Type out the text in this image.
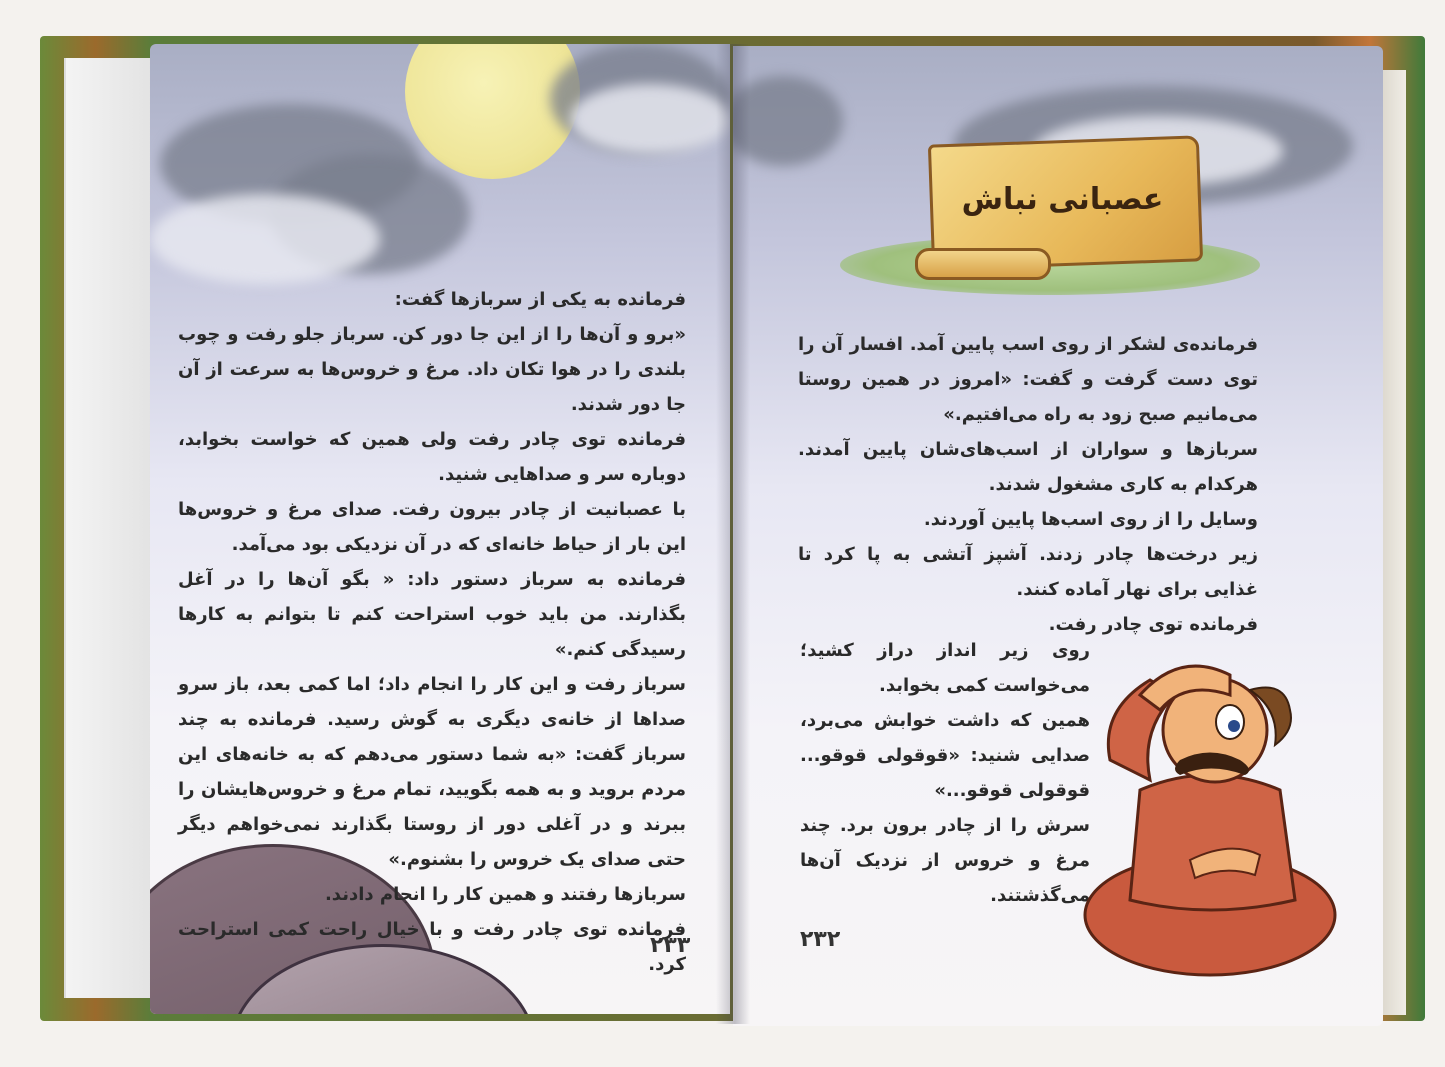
عصبانی نباش

فرمانده به یکی از سربازها گفت:

«برو و آن‌ها را از این جا دور کن. سرباز جلو رفت و چوب بلندی را در هوا تکان داد. مرغ و خروس‌ها به سرعت از آن جا دور شدند.

فرمانده توی چادر رفت ولی همین که خواست بخوابد، دوباره سر و صداهایی شنید.

با عصبانیت از چادر بیرون رفت. صدای مرغ و خروس‌ها این بار از حیاط خانه‌ای که در آن نزدیکی بود می‌آمد.

فرمانده به سرباز دستور داد: « بگو آن‌ها را در آغل بگذارند. من باید خوب استراحت کنم تا بتوانم به کارها رسیدگی کنم.»

سرباز رفت و این کار را انجام داد؛ اما کمی بعد، باز سرو صداها از خانه‌ی دیگری به گوش رسید. فرمانده به چند سرباز گفت: «به شما دستور می‌دهم که به خانه‌های این مردم بروید و به همه بگویید، تمام مرغ و خروس‌هایشان را ببرند و در آغلی دور از روستا بگذارند نمی‌خواهم دیگر حتی صدای یک خروس را بشنوم.»

سربازها رفتند و همین کار را انجام دادند.

فرمانده توی چادر رفت و با خیال راحت کمی استراحت کرد.

۲۳۳

فرمانده‌ی لشکر از روی اسب پایین آمد. افسار آن را توی دست گرفت و گفت: «امروز در همین روستا می‌مانیم صبح زود به راه می‌افتیم.»

سربازها و سواران از اسب‌های‌شان پایین آمدند. هرکدام به کاری مشغول شدند.

وسایل را از روی اسب‌ها پایین آوردند.

زیر درخت‌ها چادر زدند. آشپز آتشی به پا کرد تا غذایی برای نهار آماده کنند.

فرمانده توی چادر رفت.

روی زیر انداز دراز کشید؛ می‌خواست کمی بخوابد.

همین که داشت خوابش می‌برد، صدایی شنید: «قوقولی قوقو... قوقولی قوقو...»

سرش را از چادر برون برد. چند مرغ و خروس از نزدیک آن‌ها می‌گذشتند.

۲۳۲
